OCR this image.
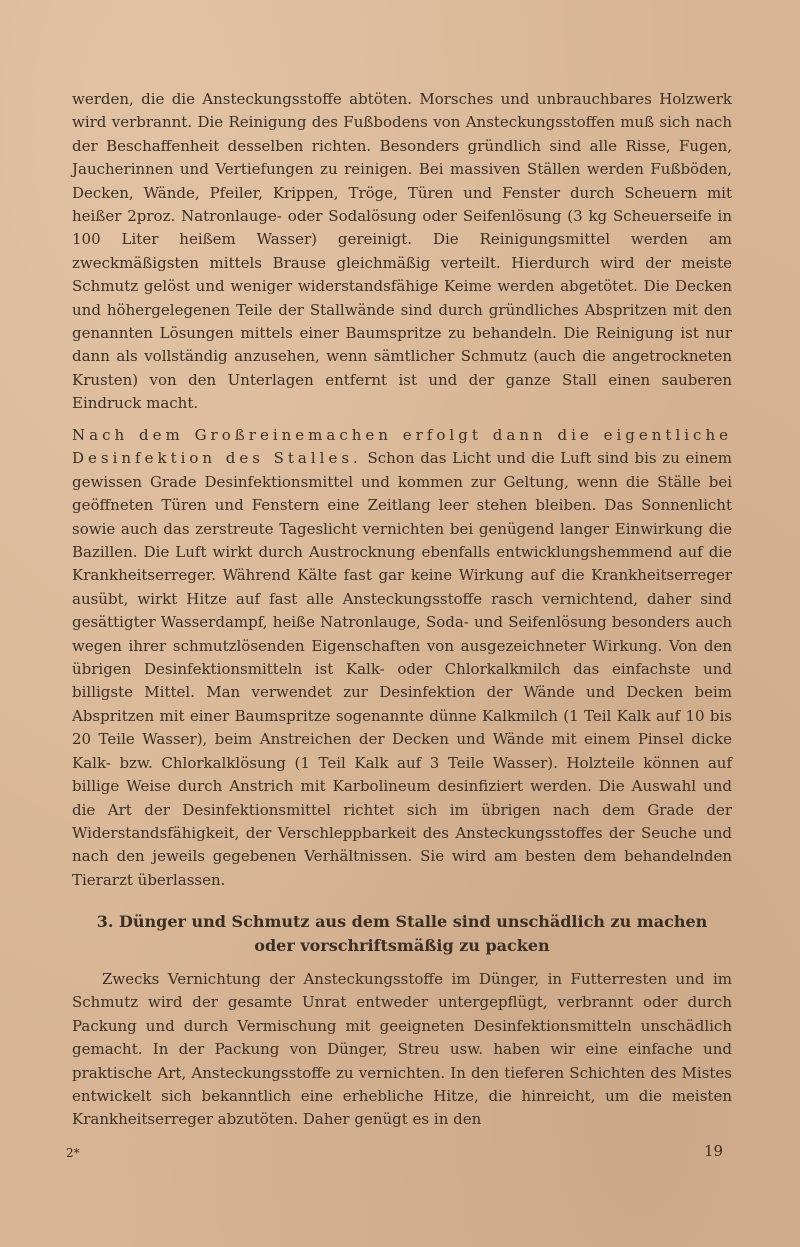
werden, die die Ansteckungsstoffe abtöten. Morsches und unbrauchbares Holzwerk wird verbrannt. Die Reinigung des Fußbodens von Ansteckungsstoffen muß sich nach der Beschaffenheit desselben richten. Besonders gründlich sind alle Risse, Fugen, Jaucherinnen und Vertiefungen zu reinigen. Bei massiven Ställen werden Fußböden, Decken, Wände, Pfeiler, Krippen, Tröge, Türen und Fenster durch Scheuern mit heißer 2proz. Natronlauge- oder Sodalösung oder Seifenlösung (3 kg Scheuerseife in 100 Liter heißem Wasser) gereinigt. Die Reinigungsmittel werden am zweckmäßigsten mittels Brause gleichmäßig verteilt. Hierdurch wird der meiste Schmutz gelöst und weniger widerstandsfähige Keime werden abgetötet. Die Decken und höhergelegenen Teile der Stallwände sind durch gründliches Abspritzen mit den genannten Lösungen mittels einer Baumspritze zu behandeln. Die Reinigung ist nur dann als vollständig anzusehen, wenn sämtlicher Schmutz (auch die angetrockneten Krusten) von den Unterlagen entfernt ist und der ganze Stall einen sauberen Eindruck macht.

Nach dem Großreinemachen erfolgt dann die eigentliche Desinfektion des Stalles. Schon das Licht und die Luft sind bis zu einem gewissen Grade Desinfektionsmittel und kommen zur Geltung, wenn die Ställe bei geöffneten Türen und Fenstern eine Zeitlang leer stehen bleiben. Das Sonnenlicht sowie auch das zerstreute Tageslicht vernichten bei genügend langer Einwirkung die Bazillen. Die Luft wirkt durch Austrocknung ebenfalls entwicklungshemmend auf die Krankheitserreger. Während Kälte fast gar keine Wirkung auf die Krankheitserreger ausübt, wirkt Hitze auf fast alle Ansteckungsstoffe rasch vernichtend, daher sind gesättigter Wasserdampf, heiße Natronlauge, Soda- und Seifenlösung besonders auch wegen ihrer schmutzlösenden Eigenschaften von ausgezeichneter Wirkung. Von den übrigen Desinfektionsmitteln ist Kalk- oder Chlorkalkmilch das einfachste und billigste Mittel. Man verwendet zur Desinfektion der Wände und Decken beim Abspritzen mit einer Baumspritze sogenannte dünne Kalkmilch (1 Teil Kalk auf 10 bis 20 Teile Wasser), beim Anstreichen der Decken und Wände mit einem Pinsel dicke Kalk- bzw. Chlorkalklösung (1 Teil Kalk auf 3 Teile Wasser). Holzteile können auf billige Weise durch Anstrich mit Karbolineum desinfiziert werden. Die Auswahl und die Art der Desinfektionsmittel richtet sich im übrigen nach dem Grade der Widerstandsfähigkeit, der Verschleppbarkeit des Ansteckungsstoffes der Seuche und nach den jeweils gegebenen Verhältnissen. Sie wird am besten dem behandelnden Tierarzt überlassen.

3. Dünger und Schmutz aus dem Stalle sind unschädlich zu machen
oder vorschriftsmäßig zu packen

Zwecks Vernichtung der Ansteckungsstoffe im Dünger, in Futterresten und im Schmutz wird der gesamte Unrat entweder untergepflügt, verbrannt oder durch Packung und durch Vermischung mit geeigneten Desinfektionsmitteln unschädlich gemacht. In der Packung von Dünger, Streu usw. haben wir eine einfache und praktische Art, Ansteckungsstoffe zu vernichten. In den tieferen Schichten des Mistes entwickelt sich bekanntlich eine erhebliche Hitze, die hinreicht, um die meisten Krankheitserreger abzutöten. Daher genügt es in den

2*	19
